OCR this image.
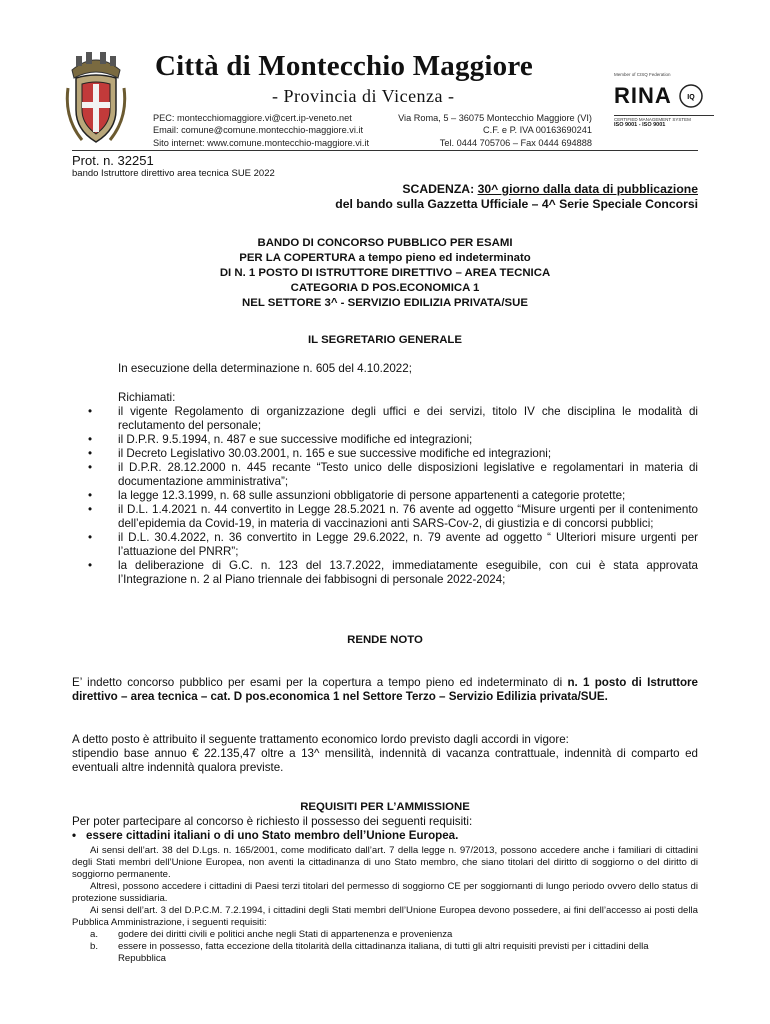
Città di Montecchio Maggiore
- Provincia di Vicenza -
PEC: montecchiomaggiore.vi@cert.ip-veneto.net
Email: comune@comune.montecchio-maggiore.vi.it
Sito internet: www.comune.montecchio-maggiore.vi.it
Via Roma, 5 – 36075 Montecchio Maggiore (VI)
C.F. e P. IVA 00163690241
Tel. 0444 705706 – Fax 0444 694888
Member of CISQ Federation
RINA IQ
CERTIFIED MANAGEMENT SYSTEM
ISO 9001 - ISO 9001
Prot. n. 32251
bando Istruttore direttivo area tecnica SUE 2022
SCADENZA: 30^ giorno dalla data di pubblicazione
del bando sulla Gazzetta Ufficiale – 4^ Serie Speciale Concorsi
BANDO DI CONCORSO PUBBLICO PER ESAMI
PER LA COPERTURA a tempo pieno ed indeterminato
DI N. 1 POSTO DI ISTRUTTORE DIRETTIVO – AREA TECNICA
CATEGORIA D POS.ECONOMICA 1
NEL SETTORE 3^ - SERVIZIO EDILIZIA PRIVATA/SUE
IL SEGRETARIO GENERALE
In esecuzione della determinazione n. 605 del 4.10.2022;
Richiamati:
• il vigente Regolamento di organizzazione degli uffici e dei servizi, titolo IV che disciplina le modalità di reclutamento del personale;
• il D.P.R. 9.5.1994, n. 487 e sue successive modifiche ed integrazioni;
• il Decreto Legislativo 30.03.2001, n. 165 e sue successive modifiche ed integrazioni;
• il D.P.R. 28.12.2000 n. 445 recante “Testo unico delle disposizioni legislative e regolamentari in materia di documentazione amministrativa”;
• la legge 12.3.1999, n. 68 sulle assunzioni obbligatorie di persone appartenenti a categorie protette;
• il D.L. 1.4.2021 n. 44 convertito in Legge 28.5.2021 n. 76 avente ad oggetto “Misure urgenti per il contenimento dell’epidemia da Covid-19, in materia di vaccinazioni anti SARS-Cov-2, di giustizia e di concorsi pubblici;
• il D.L. 30.4.2022, n. 36 convertito in Legge 29.6.2022, n. 79 avente ad oggetto “ Ulteriori misure urgenti per l’attuazione del PNRR”;
• la deliberazione di G.C. n. 123 del 13.7.2022, immediatamente eseguibile, con cui è stata approvata l’Integrazione n. 2 al Piano triennale dei fabbisogni di personale 2022-2024;
RENDE NOTO
E’ indetto concorso pubblico per esami per la copertura a tempo pieno ed indeterminato di n. 1 posto di Istruttore direttivo – area tecnica – cat. D pos.economica 1 nel Settore Terzo – Servizio Edilizia privata/SUE.
A detto posto è attribuito il seguente trattamento economico lordo previsto dagli accordi in vigore:
stipendio base annuo € 22.135,47 oltre a 13^ mensilità, indennità di vacanza contrattuale, indennità di comparto ed eventuali altre indennità qualora previste.
REQUISITI PER L’AMMISSIONE
Per poter partecipare al concorso è richiesto il possesso dei seguenti requisiti:
• essere cittadini italiani o di uno Stato membro dell’Unione Europea.

Ai sensi dell’art. 38 del D.Lgs. n. 165/2001, come modificato dall’art. 7 della legge n. 97/2013, possono accedere anche i familiari di cittadini degli Stati membri dell’Unione Europea, non aventi la cittadinanza di uno Stato membro, che siano titolari del diritto di soggiorno o del diritto di soggiorno permanente.

Altresì, possono accedere i cittadini di Paesi terzi titolari del permesso di soggiorno CE per soggiornanti di lungo periodo ovvero dello status di protezione sussidiaria.

Ai sensi dell’art. 3 del D.P.C.M. 7.2.1994, i cittadini degli Stati membri dell’Unione Europea devono possedere, ai fini dell’accesso ai posti della Pubblica Amministrazione, i seguenti requisiti:

a. godere dei diritti civili e politici anche negli Stati di appartenenza e provenienza
b. essere in possesso, fatta eccezione della titolarità della cittadinanza italiana, di tutti gli altri requisiti previsti per i cittadini della Repubblica
